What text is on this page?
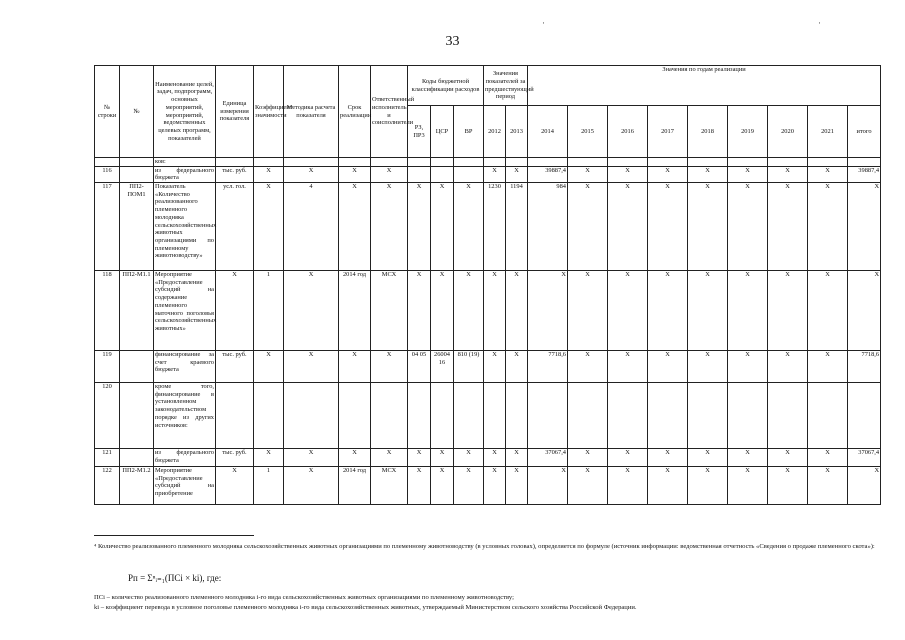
33
·	·
№ строки	№	Наименование целей, задач, подпрограмм, основных мероприятий, мероприятий, ведомственных целевых программ, показателей	Единица измерения показателя	Коэффициент значимости	Методика расчета показателя	Срок реализации	Ответственный исполнитель и соисполнители	Коды бюджетной классификации расходов			Значения показателей за предшествующий период		Значения по годам реализации								
								РЗ, ПР3	ЦСР	ВР	2012	2013	2014	2015	2016	2017	2018	2019	2020	2021	итого
		ков:																			
116		из федерального бюджета	тыс. руб.	X	X	X	X				X	X	39887,4	X	X	X	X	X	X	X	39887,4
117	ПП2-ПОМ1	Показатель «Количество реализованного племенного молодняка сельскохозяйственных животных организациями по племенному животноводству»	усл. гол.	X	4	X	X	X	X	X	1230	1194	984	X	X	X	X	X	X	X	X
118	ПП2-М1.1	Мероприятие «Предоставление субсидий на содержание племенного маточного поголовья сельскохозяйственных животных»	X	1	X	2014 год	МСХ	X	X	X	X	X	X	X	X	X	X	X	X	X	X
119		финансирование за счет краевого бюджета	тыс. руб.	X	X	X	X	04 05	26004 16	810 (19)	X	X	7718,6	X	X	X	X	X	X	X	7718,6
120		кроме того, финансирование в установленном законодательством порядке из других источников:																			
121		из федерального бюджета	тыс. руб.	X	X	X	X	X	X	X	X	X	37067,4	X	X	X	X	X	X	X	37067,4
122	ПП2-М1.2	Мероприятие «Предоставление субсидий на приобретение	X	1	X	2014 год	МСХ	X	X	X	X	X	X	X	X	X	X	X	X	X	X
⁴ Количество реализованного племенного молодняка сельскохозяйственных животных организациями по племенному животноводству (в условных головах), определяется по формуле (источник информации: ведомственная отчетность «Сведения о продаже племенного скота»):
Рп = Σⁿᵢ₌₁(ПСi × ki), где:
ПСi – количество реализованного племенного молодняка i-го вида сельскохозяйственных животных организациями по племенному животноводству;
ki – коэффициент перевода в условное поголовье племенного молодняка i-го вида сельскохозяйственных животных, утверждаемый Министерством сельского хозяйства Российской Федерации.
